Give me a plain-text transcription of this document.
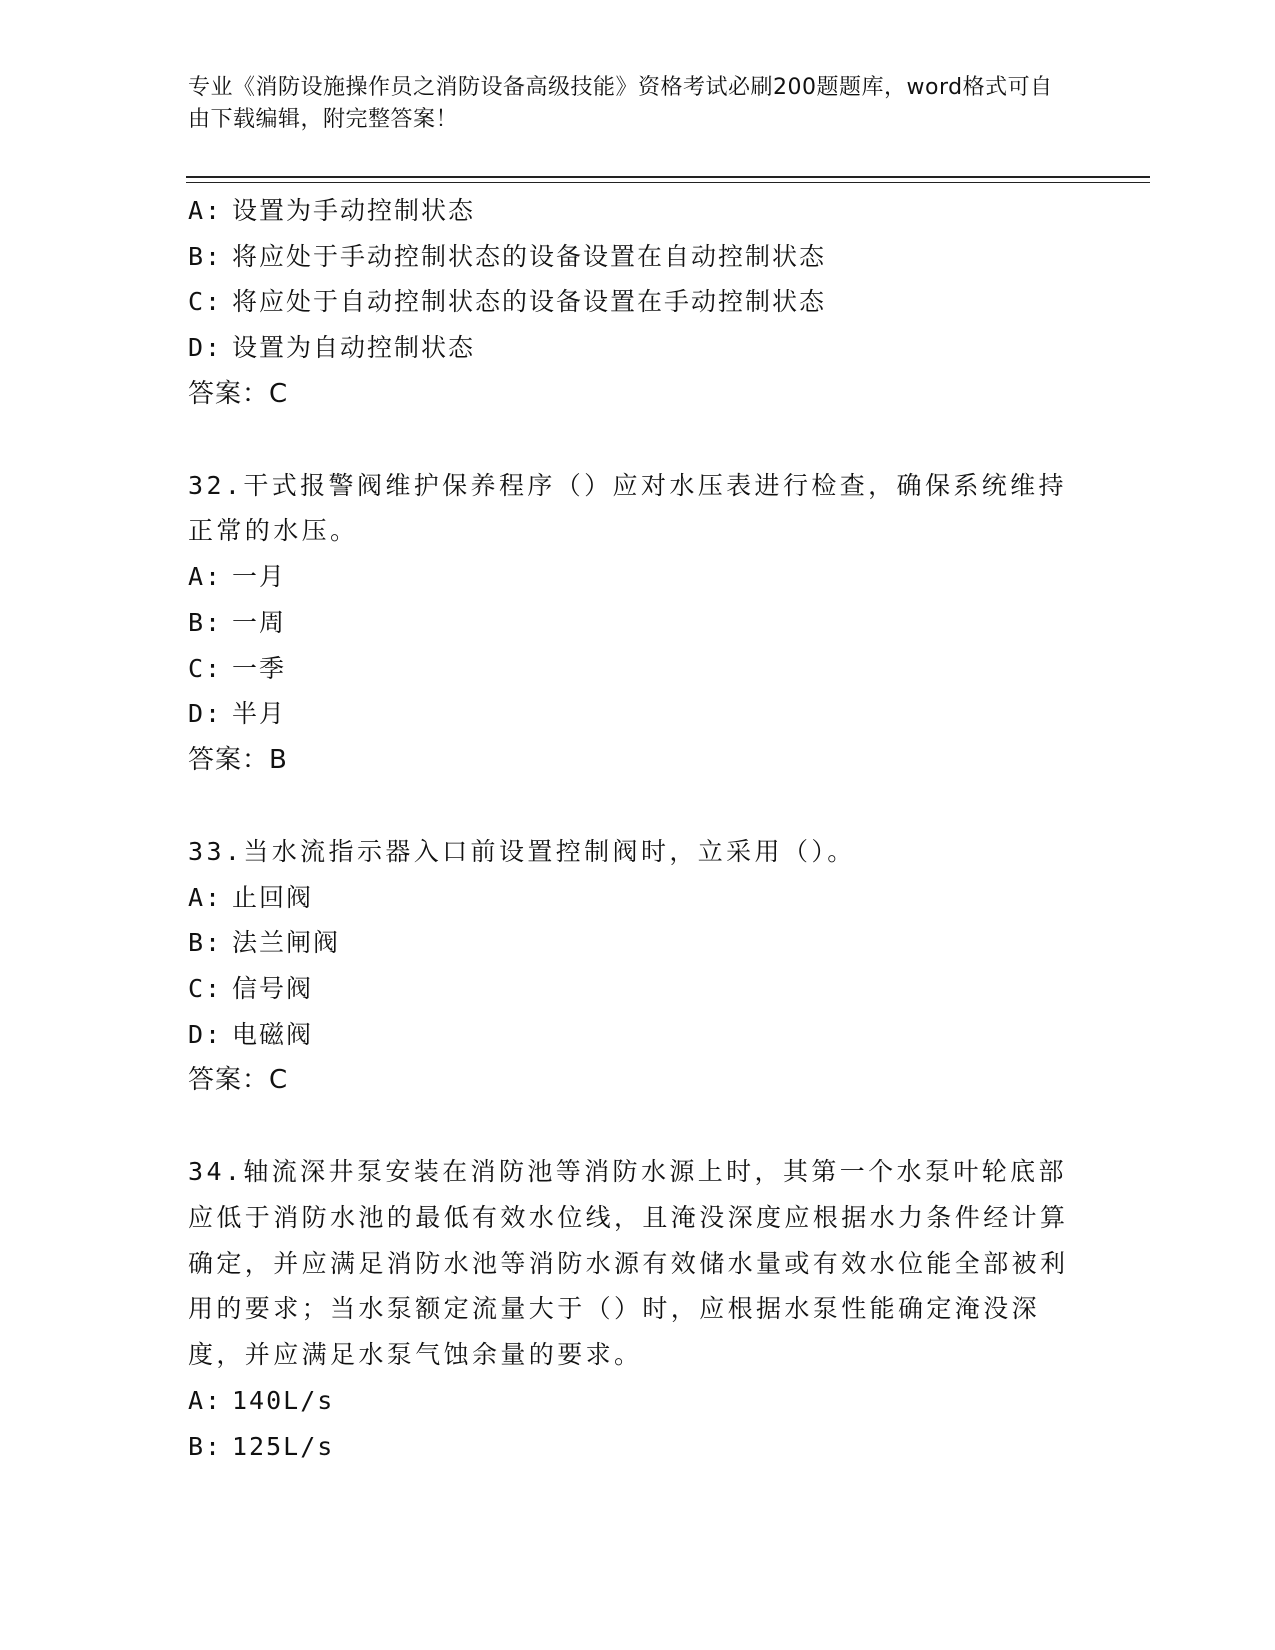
专业《消防设施操作员之消防设备高级技能》资格考试必刷200题题库，word格式可自由下载编辑，附完整答案！
A: 设置为手动控制状态
B: 将应处于手动控制状态的设备设置在自动控制状态
C: 将应处于自动控制状态的设备设置在手动控制状态
D: 设置为自动控制状态
答案：C
32.干式报警阀维护保养程序（）应对水压表进行检查，确保系统维持正常的水压。
A: 一月
B: 一周
C: 一季
D: 半月
答案：B
33.当水流指示器入口前设置控制阀时，立采用（）。
A: 止回阀
B: 法兰闸阀
C: 信号阀
D: 电磁阀
答案：C
34.轴流深井泵安装在消防池等消防水源上时，其第一个水泵叶轮底部应低于消防水池的最低有效水位线，且淹没深度应根据水力条件经计算确定，并应满足消防水池等消防水源有效储水量或有效水位能全部被利用的要求；当水泵额定流量大于（）时，应根据水泵性能确定淹没深度，并应满足水泵气蚀余量的要求。
A: 140L/s
B: 125L/s
